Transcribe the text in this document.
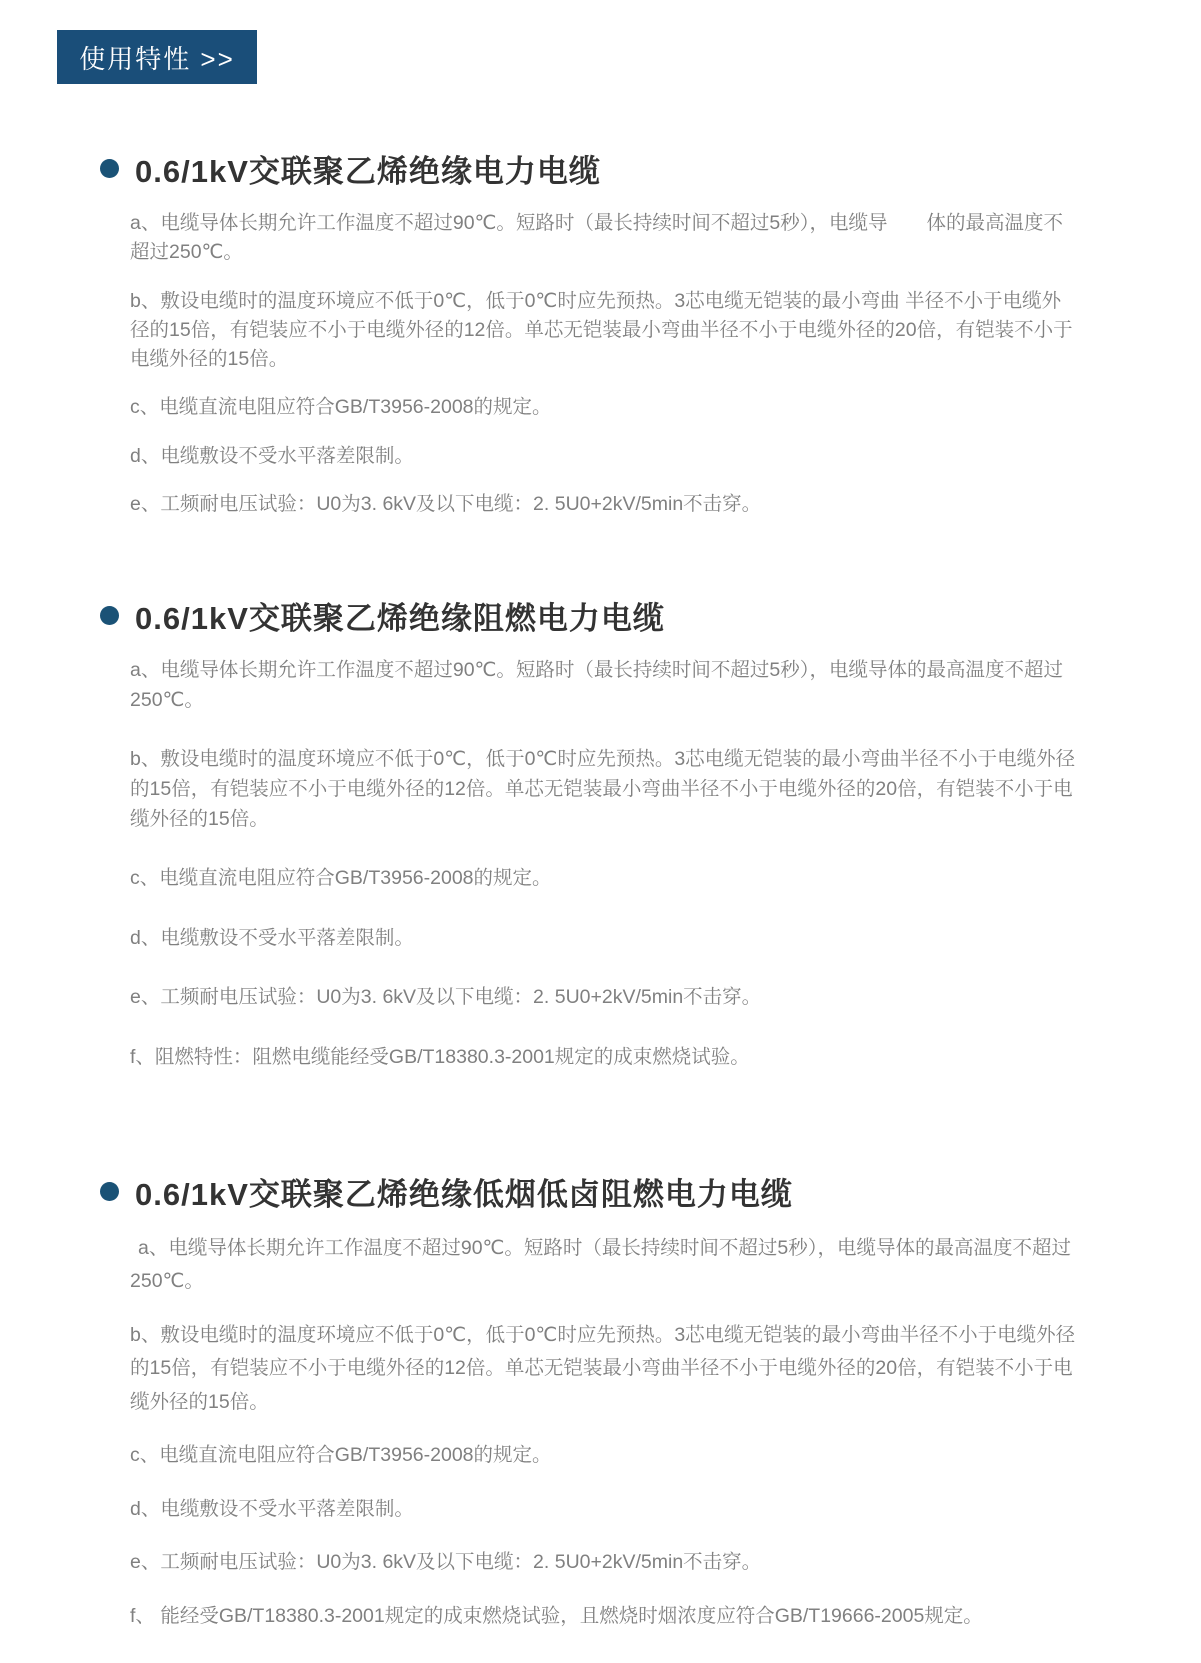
使用特性 >>
0.6/1kV交联聚乙烯绝缘电力电缆

a、电缆导体长期允许工作温度不超过90℃。短路时（最长持续时间不超过5秒），电缆导　　体的最高温度不超过250℃。

b、敷设电缆时的温度环境应不低于0℃，低于0℃时应先预热。3芯电缆无铠装的最小弯曲 半径不小于电缆外径的15倍，有铠装应不小于电缆外径的12倍。单芯无铠装最小弯曲半径不小于电缆外径的20倍，有铠装不小于电缆外径的15倍。

c、电缆直流电阻应符合GB/T3956-2008的规定。

d、电缆敷设不受水平落差限制。

e、工频耐电压试验：U0为3. 6kV及以下电缆：2. 5U0+2kV/5min不击穿。

0.6/1kV交联聚乙烯绝缘阻燃电力电缆

a、电缆导体长期允许工作温度不超过90℃。短路时（最长持续时间不超过5秒），电缆导体的最高温度不超过250℃。

b、敷设电缆时的温度环境应不低于0℃，低于0℃时应先预热。3芯电缆无铠装的最小弯曲半径不小于电缆外径的15倍，有铠装应不小于电缆外径的12倍。单芯无铠装最小弯曲半径不小于电缆外径的20倍，有铠装不小于电缆外径的15倍。

c、电缆直流电阻应符合GB/T3956-2008的规定。

d、电缆敷设不受水平落差限制。

e、工频耐电压试验：U0为3. 6kV及以下电缆：2. 5U0+2kV/5min不击穿。

f、阻燃特性：阻燃电缆能经受GB/T18380.3-2001规定的成束燃烧试验。

0.6/1kV交联聚乙烯绝缘低烟低卤阻燃电力电缆

a、电缆导体长期允许工作温度不超过90℃。短路时（最长持续时间不超过5秒），电缆导体的最高温度不超过250℃。

b、敷设电缆时的温度环境应不低于0℃，低于0℃时应先预热。3芯电缆无铠装的最小弯曲半径不小于电缆外径的15倍，有铠装应不小于电缆外径的12倍。单芯无铠装最小弯曲半径不小于电缆外径的20倍，有铠装不小于电缆外径的15倍。

c、电缆直流电阻应符合GB/T3956-2008的规定。

d、电缆敷设不受水平落差限制。

e、工频耐电压试验：U0为3. 6kV及以下电缆：2. 5U0+2kV/5min不击穿。

f、 能经受GB/T18380.3-2001规定的成束燃烧试验，且燃烧时烟浓度应符合GB/T19666-2005规定。
